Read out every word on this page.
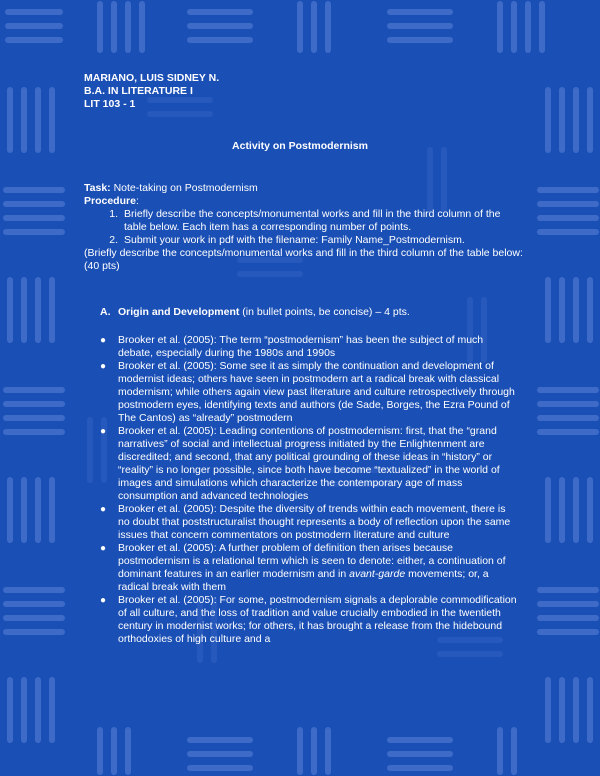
MARIANO, LUIS SIDNEY N.
B.A. IN LITERATURE I
LIT 103 - 1
Activity on Postmodernism
Task: Note-taking on Postmodernism
Procedure:
1. Briefly describe the concepts/monumental works and fill in the third column of the table below. Each item has a corresponding number of points.
2. Submit your work in pdf with the filename: Family Name_Postmodernism.

(Briefly describe the concepts/monumental works and fill in the third column of the table below: (40 pts)

A. Origin and Development (in bullet points, be concise) – 4 pts.
●	Brooker et al. (2005): The term “postmodernism” has been the subject of much debate, especially during the 1980s and 1990s
●	Brooker et al. (2005): Some see it as simply the continuation and development of modernist ideas; others have seen in postmodern art a radical break with classical modernism; while others again view past literature and culture retrospectively through postmodern eyes, identifying texts and authors (de Sade, Borges, the Ezra Pound of The Cantos) as “already” postmodern
●	Brooker et al. (2005): Leading contentions of postmodernism: first, that the “grand narratives” of social and intellectual progress initiated by the Enlightenment are discredited; and second, that any political grounding of these ideas in “history” or “reality” is no longer possible, since both have become “textualized” in the world of images and simulations which characterize the contemporary age of mass consumption and advanced technologies
●	Brooker et al. (2005): Despite the diversity of trends within each movement, there is no doubt that poststructuralist thought represents a body of reflection upon the same issues that concern commentators on postmodern literature and culture
●	Brooker et al. (2005): A further problem of definition then arises because postmodernism is a relational term which is seen to denote: either, a continuation of dominant features in an earlier modernism and in avant-garde movements; or, a radical break with them
●	Brooker et al. (2005): For some, postmodernism signals a deplorable commodification of all culture, and the loss of tradition and value crucially embodied in the twentieth century in modernist works; for others, it has brought a release from the hidebound orthodoxies of high culture and a
